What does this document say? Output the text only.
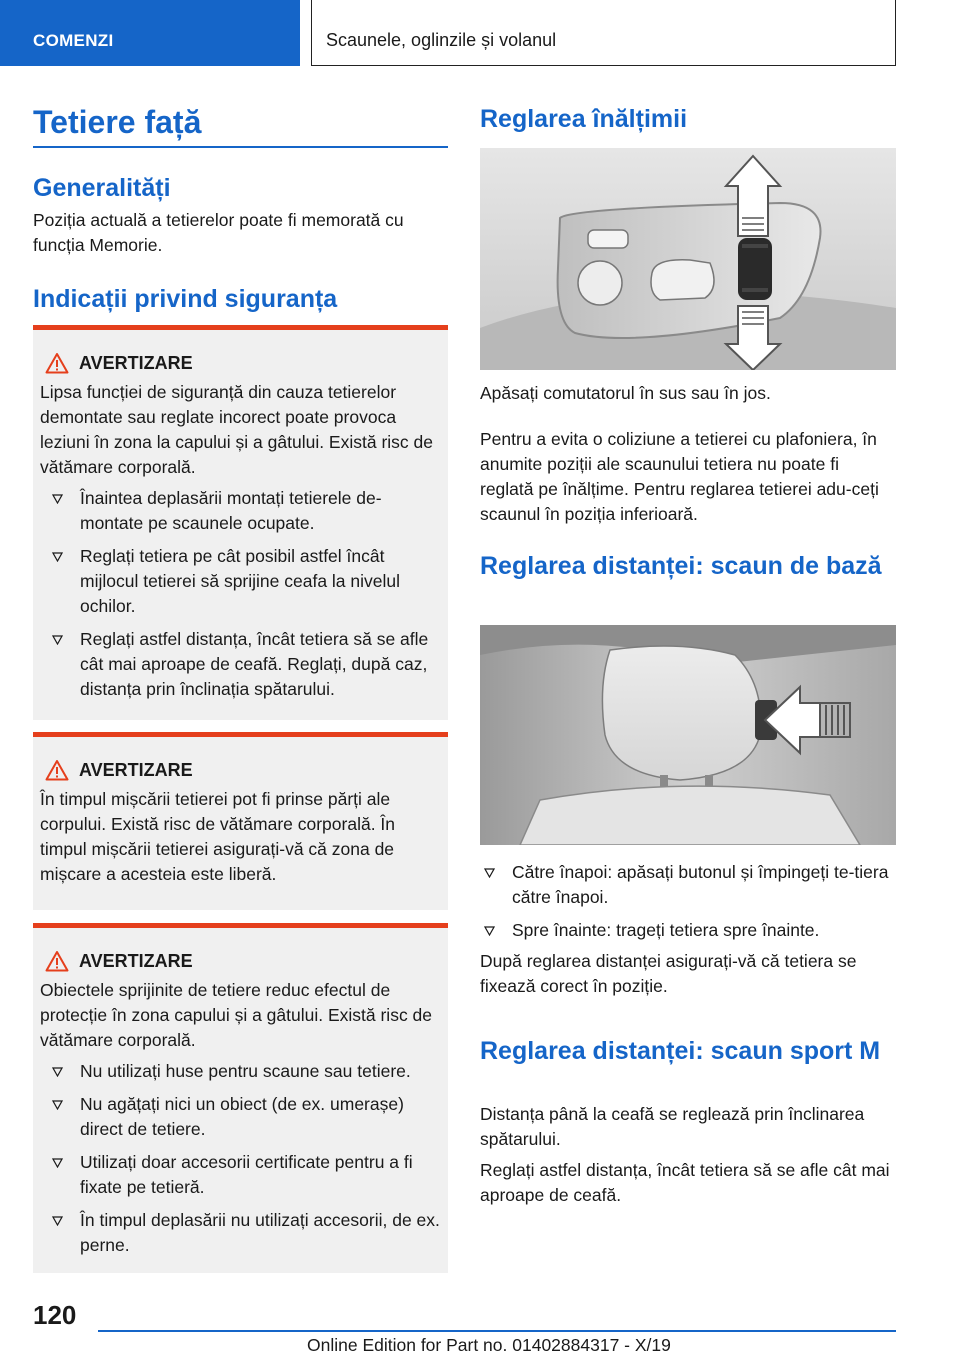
COMENZI	Scaunele, oglinzile și volanul
Tetiere față
Generalități
Poziția actuală a tetierelor poate fi memorată cu funcția Memorie.
Indicații privind siguranța
AVERTIZARE
Lipsa funcției de siguranță din cauza tetierelor demontate sau reglate incorect poate provoca leziuni în zona la capului și a gâtului. Există risc de vătămare corporală.
Înaintea deplasării montați tetierele de-montate pe scaunele ocupate.
Reglați tetiera pe cât posibil astfel încât mijlocul tetierei să sprijine ceafa la nivelul ochilor.
Reglați astfel distanța, încât tetiera să se afle cât mai aproape de ceafă. Reglați, după caz, distanța prin înclinația spătarului.
AVERTIZARE
În timpul mișcării tetierei pot fi prinse părți ale corpului. Există risc de vătămare corporală. În timpul mișcării tetierei asigurați-vă că zona de mișcare a acesteia este liberă.
AVERTIZARE
Obiectele sprijinite de tetiere reduc efectul de protecție în zona capului și a gâtului. Există risc de vătămare corporală.
Nu utilizați huse pentru scaune sau tetiere.
Nu agățați nici un obiect (de ex. umerașe) direct de tetiere.
Utilizați doar accesorii certificate pentru a fi fixate pe tetieră.
În timpul deplasării nu utilizați accesorii, de ex. perne.
Reglarea înălțimii
Apăsați comutatorul în sus sau în jos.
Pentru a evita o coliziune a tetierei cu plafoniera, în anumite poziții ale scaunului tetiera nu poate fi reglată pe înălțime. Pentru reglarea tetierei adu-ceți scaunul în poziția inferioară.
Reglarea distanței: scaun de bază
Către înapoi: apăsați butonul și împingeți te-tiera către înapoi.
Spre înainte: trageți tetiera spre înainte.
După reglarea distanței asigurați-vă că tetiera se fixează corect în poziție.
Reglarea distanței: scaun sport M
Distanța până la ceafă se reglează prin înclinarea spătarului.
Reglați astfel distanța, încât tetiera să se afle cât mai aproape de ceafă.
120
Online Edition for Part no. 01402884317 - X/19
